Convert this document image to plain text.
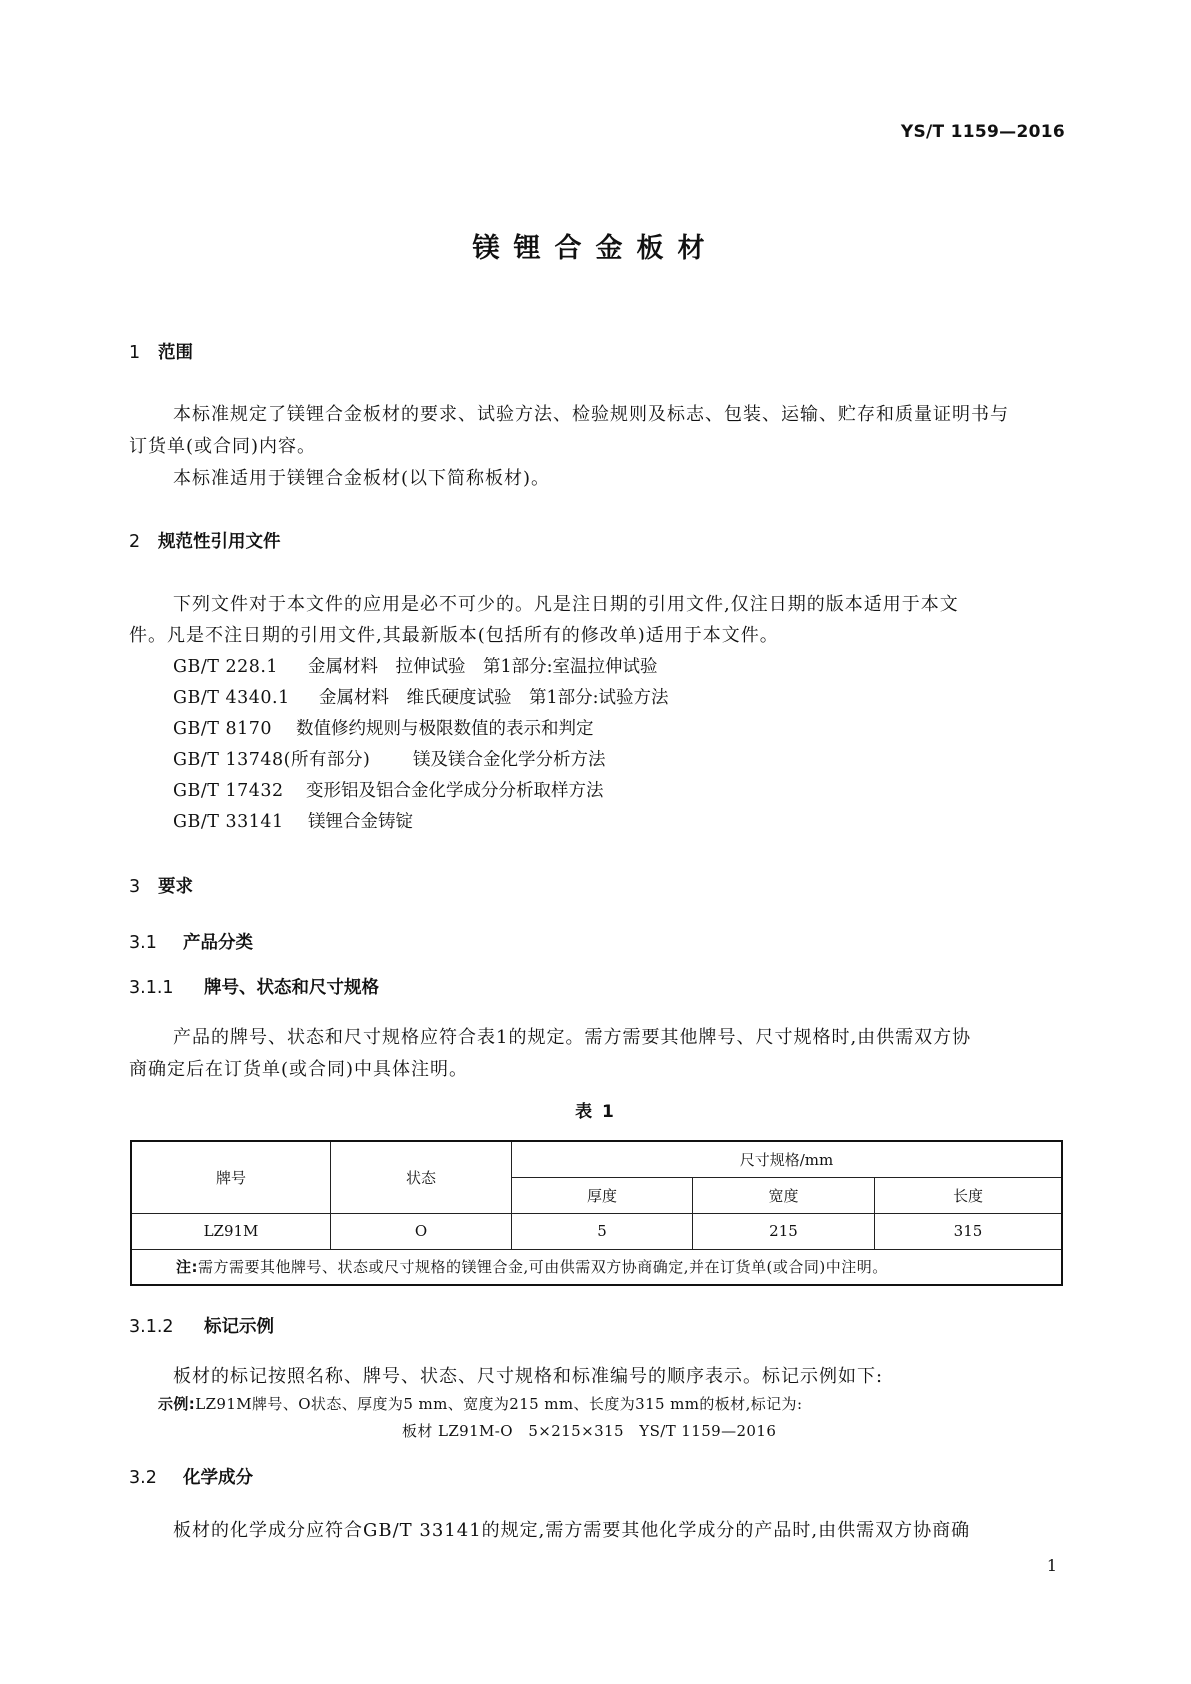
YS/T 1159—2016
镁锂合金板材
1 范围
本标准规定了镁锂合金板材的要求、试验方法、检验规则及标志、包装、运输、贮存和质量证明书与
订货单(或合同)内容。
本标准适用于镁锂合金板材(以下简称板材)。
2 规范性引用文件
下列文件对于本文件的应用是必不可少的。凡是注日期的引用文件,仅注日期的版本适用于本文
件。凡是不注日期的引用文件,其最新版本(包括所有的修改单)适用于本文件。
GB/T 228.1 金属材料　拉伸试验　第1部分:室温拉伸试验
GB/T 4340.1 金属材料　维氏硬度试验　第1部分:试验方法
GB/T 8170 数值修约规则与极限数值的表示和判定
GB/T 13748(所有部分) 镁及镁合金化学分析方法
GB/T 17432 变形铝及铝合金化学成分分析取样方法
GB/T 33141 镁锂合金铸锭
3 要求
3.1 产品分类
3.1.1 牌号、状态和尺寸规格
产品的牌号、状态和尺寸规格应符合表1的规定。需方需要其他牌号、尺寸规格时,由供需双方协
商确定后在订货单(或合同)中具体注明。
表 1
牌号	状态	尺寸规格/mm		
		厚度	宽度	长度
LZ91M	O	5	215	315
注:需方需要其他牌号、状态或尺寸规格的镁锂合金,可由供需双方协商确定,并在订货单(或合同)中注明。				
3.1.2 标记示例
板材的标记按照名称、牌号、状态、尺寸规格和标准编号的顺序表示。标记示例如下:
示例:LZ91M牌号、O状态、厚度为5 mm、宽度为215 mm、长度为315 mm的板材,标记为:
板材 LZ91M-O　5×215×315　YS/T 1159—2016
3.2 化学成分
板材的化学成分应符合GB/T 33141的规定,需方需要其他化学成分的产品时,由供需双方协商确
1
